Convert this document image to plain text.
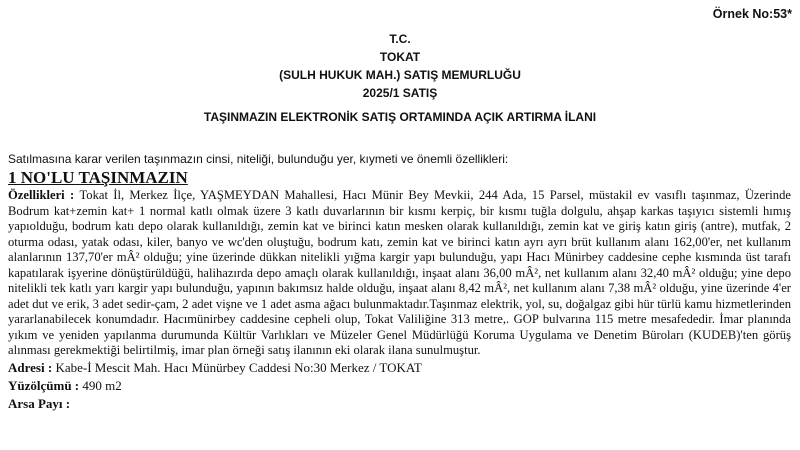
Örnek No:53*
T.C.
TOKAT
(SULH HUKUK MAH.) SATIŞ MEMURLUĞU
2025/1 SATIŞ
TAŞINMAZIN ELEKTRONİK SATIŞ ORTAMINDA AÇIK ARTIRMA İLANI
Satılmasına karar verilen taşınmazın cinsi, niteliği, bulunduğu yer, kıymeti ve önemli özellikleri:
1 NO'LU TAŞINMAZIN
Özellikleri : Tokat İl, Merkez İlçe, YAŞMEYDAN Mahallesi, Hacı Münir Bey Mevkii, 244 Ada, 15 Parsel, müstakil ev vasıflı taşınmaz, Üzerinde Bodrum kat+zemin kat+ 1 normal katlı olmak üzere 3 katlı duvarlarının bir kısmı kerpiç, bir kısmı tuğla dolgulu, ahşap karkas taşıyıcı sistemli hımış yapıolduğu, bodrum katı depo olarak kullanıldığı, zemin kat ve birinci katın mesken olarak kullanıldığı, zemin kat ve giriş katın giriş (antre), mutfak, 2 oturma odası, yatak odası, kiler, banyo ve wc'den oluştuğu, bodrum katı, zemin kat ve birinci katın ayrı ayrı brüt kullanım alanı 162,00'er, net kullanım alanlarının 137,70'er mÂ² olduğu; yine üzerinde dükkan nitelikli yığma kargir yapı bulunduğu, yapı Hacı Münirbey caddesine cephe kısmında üst tarafı kapatılarak işyerine dönüştürüldüğü, halihazırda depo amaçlı olarak kullanıldığı, inşaat alanı 36,00 mÂ², net kullanım alanı 32,40 mÂ² olduğu; yine depo nitelikli tek katlı yarı kargir yapı bulunduğu, yapının bakımsız halde olduğu, inşaat alanı 8,42 mÂ², net kullanım alanı 7,38 mÂ² olduğu, yine üzerinde 4'er adet dut ve erik, 3 adet sedir-çam, 2 adet vişne ve 1 adet asma ağacı bulunmaktadır.Taşınmaz elektrik, yol, su, doğalgaz gibi hür türlü kamu hizmetlerinden yararlanabilecek konumdadır. Hacımünirbey caddesine cepheli olup, Tokat Valiliğine 313 metre,. GOP bulvarına 115 metre mesafededir. İmar planında yıkım ve yeniden yapılanma durumunda Kültür Varlıkları ve Müzeler Genel Müdürlüğü Koruma Uygulama ve Denetim Büroları (KUDEB)'ten görüş alınması gerekmektiği belirtilmiş, imar plan örneği satış ilanının eki olarak ilana sunulmuştur.
Adresi : Kabe-İ Mescit Mah. Hacı Münürbey Caddesi No:30 Merkez / TOKAT
Yüzölçümü : 490 m2
Arsa Payı :
